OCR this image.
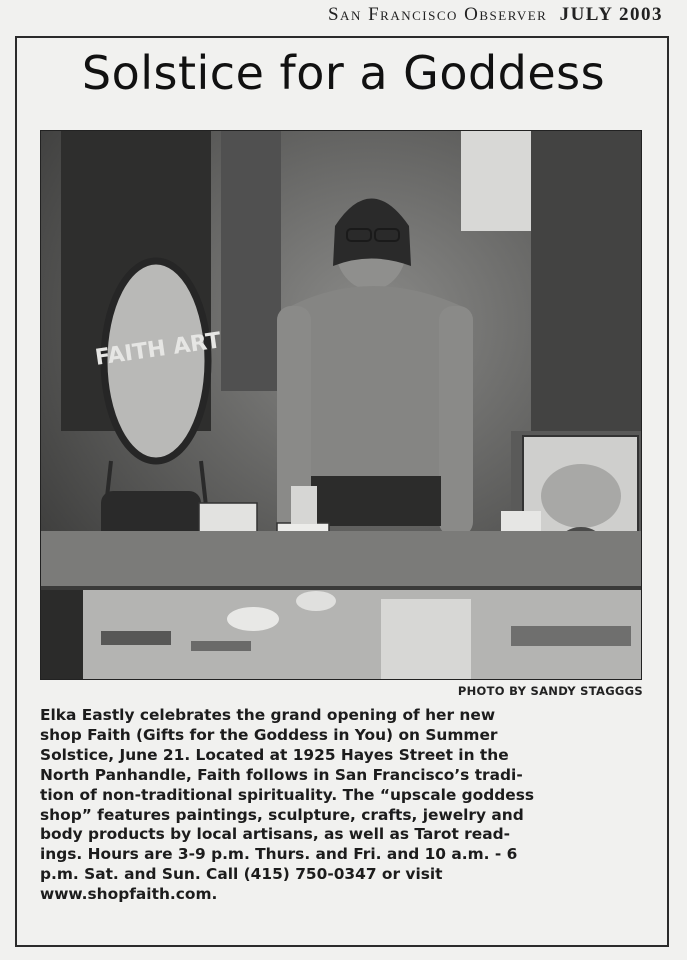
San Francisco Observer JULY 2003
Solstice for a Goddess
FAITH ART
PHOTO BY SANDY STAGGGS
Elka Eastly celebrates the grand opening of her new
shop Faith (Gifts for the Goddess in You) on Summer
Solstice, June 21. Located at 1925 Hayes Street in the
North Panhandle, Faith follows in San Francisco’s tradi-
tion of non-traditional spirituality. The “upscale goddess
shop” features paintings, sculpture, crafts, jewelry and
body products by local artisans, as well as Tarot read-
ings. Hours are 3-9 p.m. Thurs. and Fri. and 10 a.m. - 6
p.m. Sat. and Sun. Call (415) 750-0347 or visit
www.shopfaith.com.
